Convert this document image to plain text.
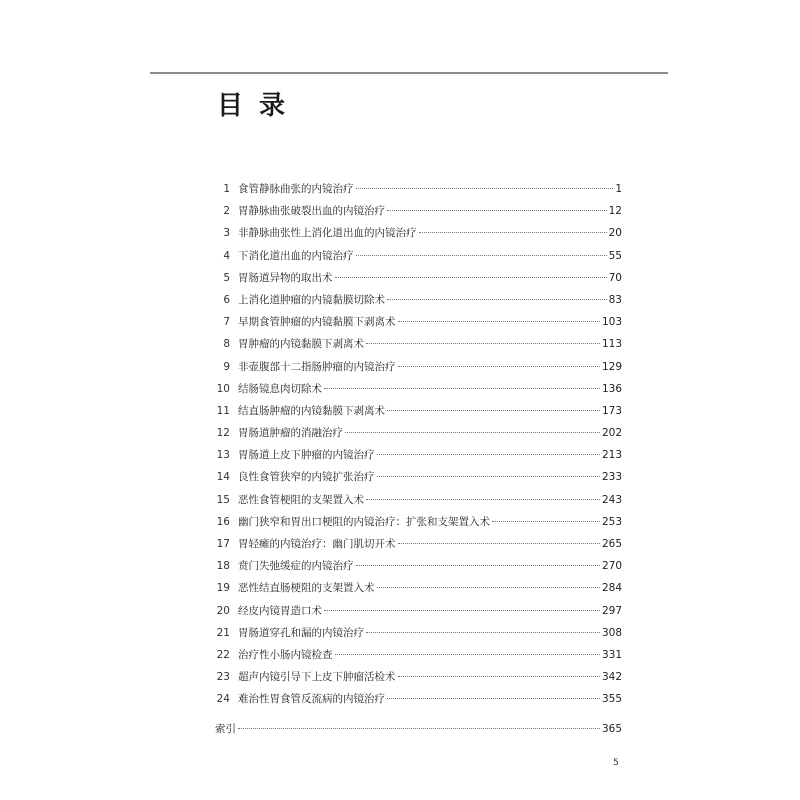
目录
1 食管静脉曲张的内镜治疗	1
2 胃静脉曲张破裂出血的内镜治疗	12
3 非静脉曲张性上消化道出血的内镜治疗	20
4 下消化道出血的内镜治疗	55
5 胃肠道异物的取出术	70
6 上消化道肿瘤的内镜黏膜切除术	83
7 早期食管肿瘤的内镜黏膜下剥离术	103
8 胃肿瘤的内镜黏膜下剥离术	113
9 非壶腹部十二指肠肿瘤的内镜治疗	129
10 结肠镜息肉切除术	136
11 结直肠肿瘤的内镜黏膜下剥离术	173
12 胃肠道肿瘤的消融治疗	202
13 胃肠道上皮下肿瘤的内镜治疗	213
14 良性食管狭窄的内镜扩张治疗	233
15 恶性食管梗阻的支架置入术	243
16 幽门狭窄和胃出口梗阻的内镜治疗：扩张和支架置入术	253
17 胃轻瘫的内镜治疗：幽门肌切开术	265
18 贲门失弛缓症的内镜治疗	270
19 恶性结直肠梗阻的支架置入术	284
20 经皮内镜胃造口术	297
21 胃肠道穿孔和漏的内镜治疗	308
22 治疗性小肠内镜检查	331
23 超声内镜引导下上皮下肿瘤活检术	342
24 难治性胃食管反流病的内镜治疗	355
索引	365
5
